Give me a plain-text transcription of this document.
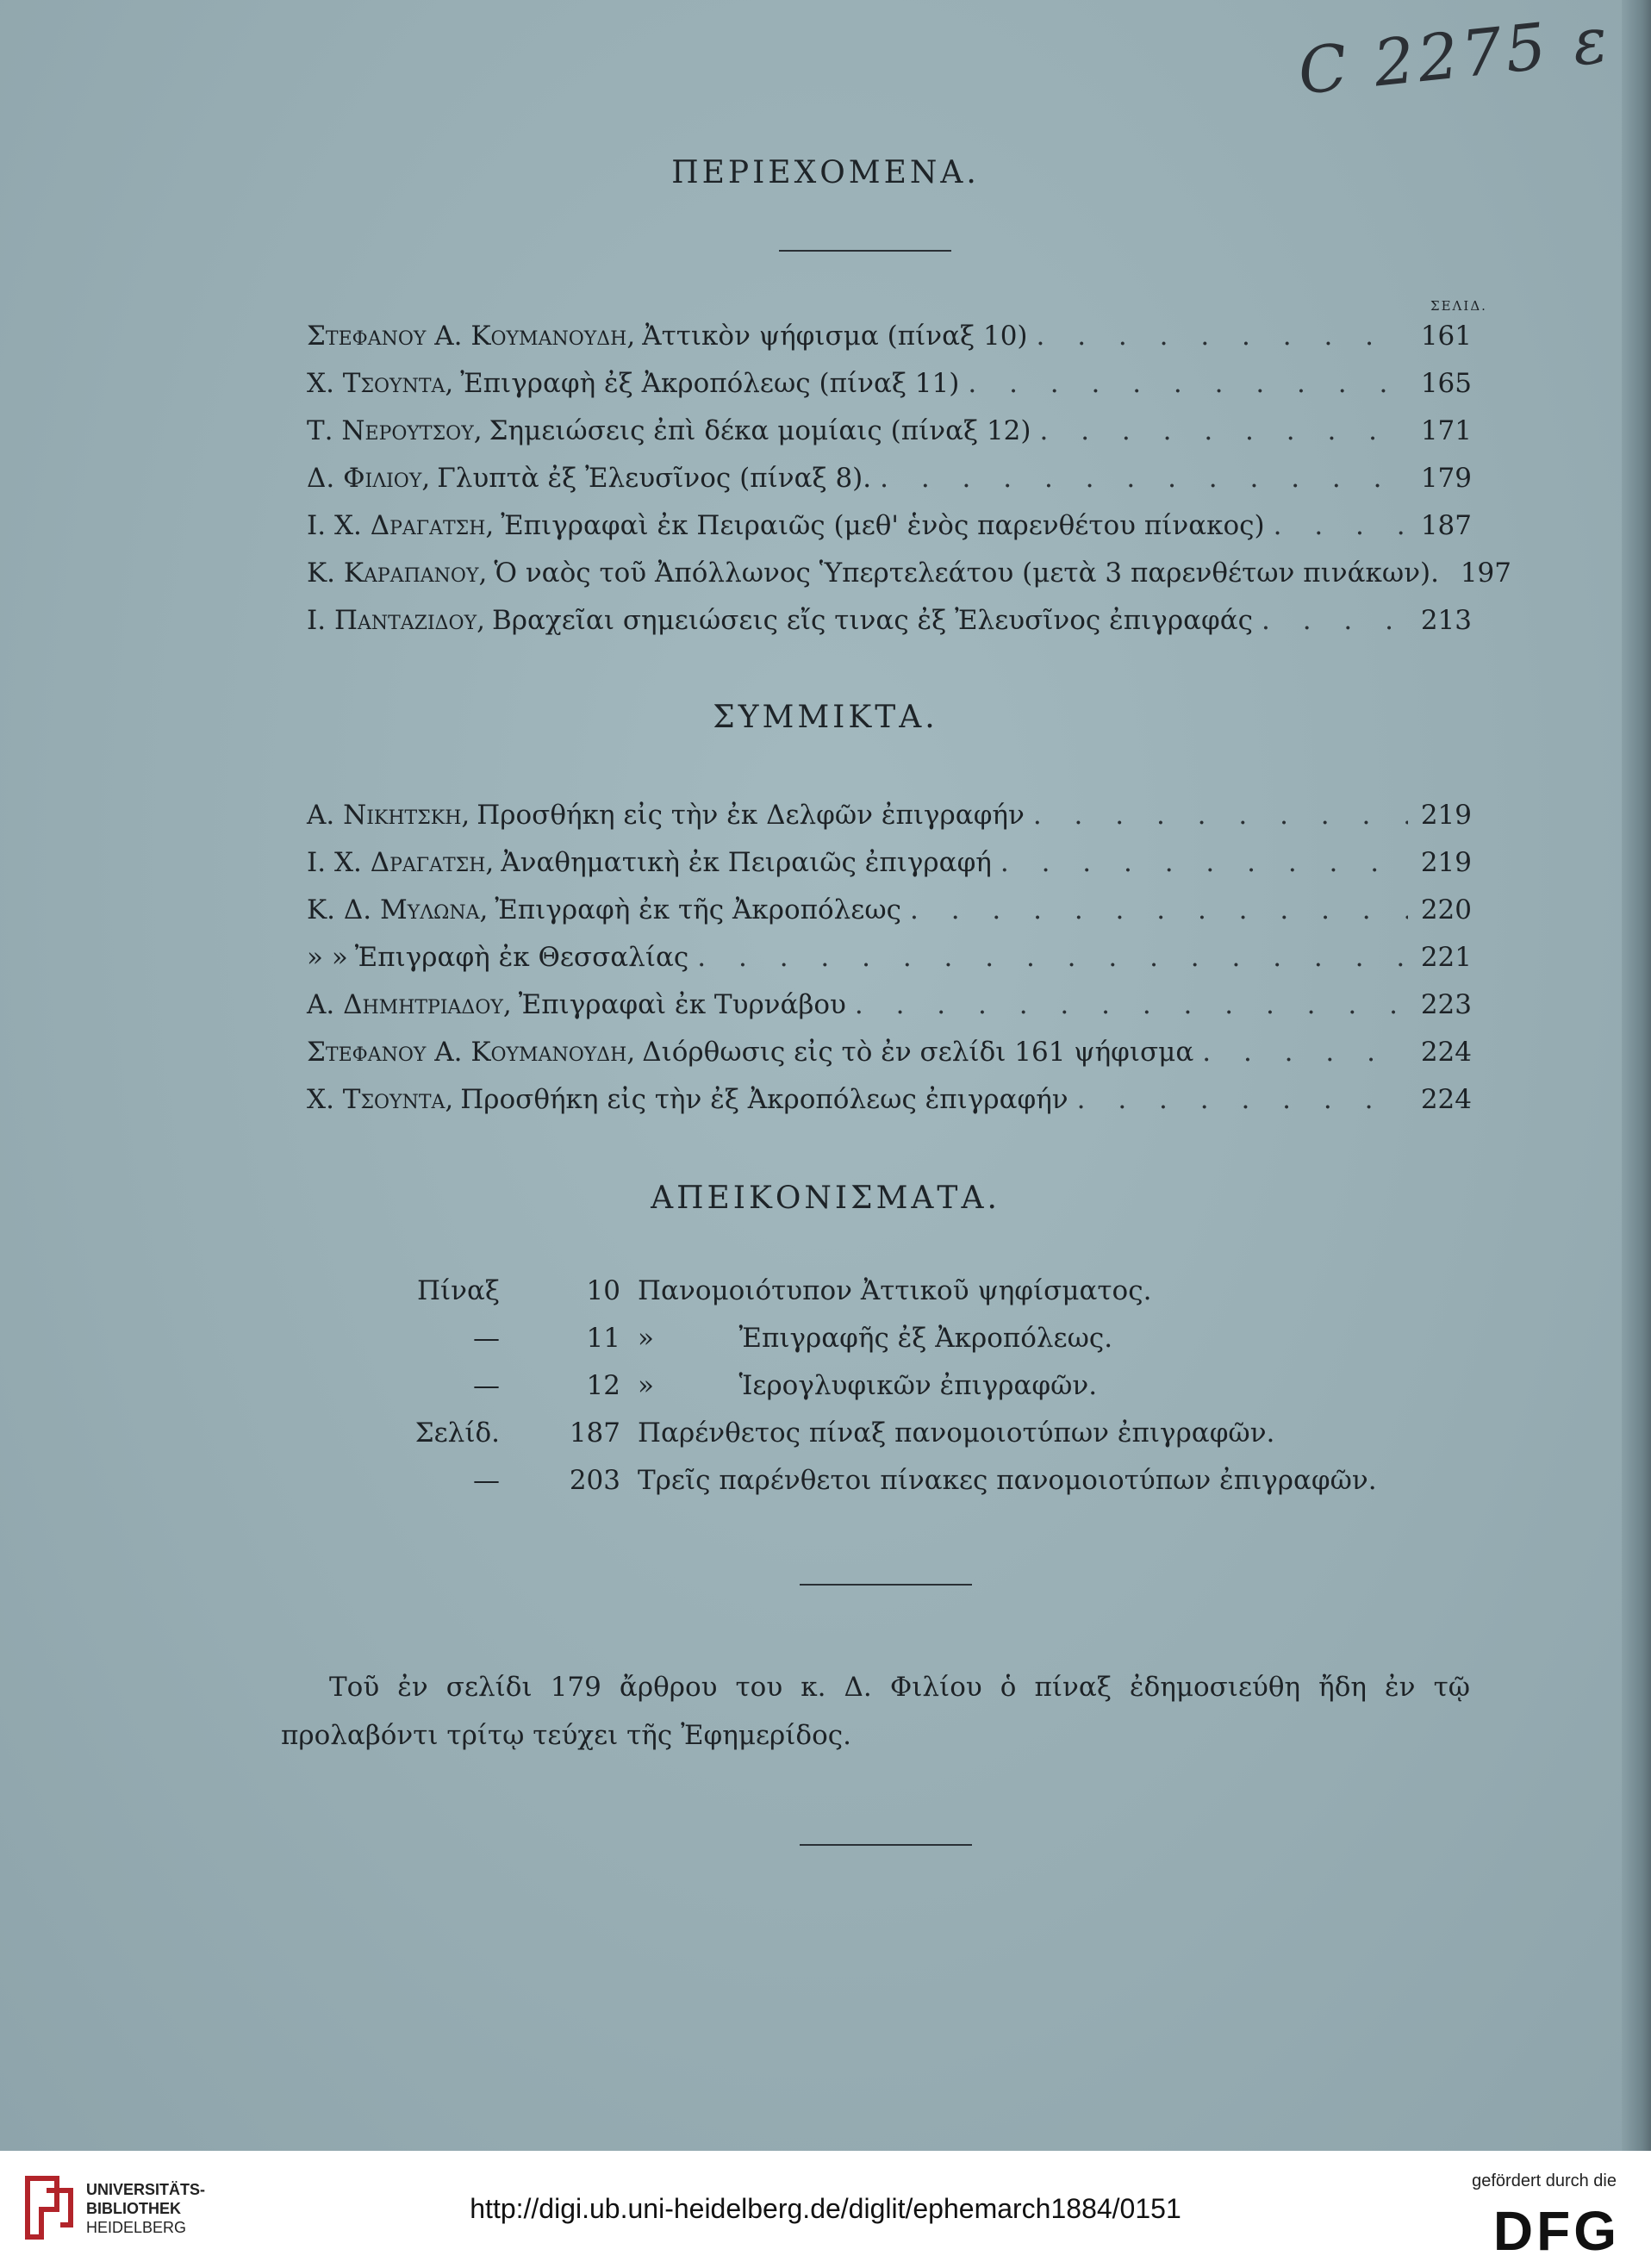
C 2275 ε
ΠΕΡΙΕΧΟΜΕΝΑ.
ΣΕΛΙΔ.
Στεφανου Α. Κουμανουδη, Ἀττικὸν ψήφισμα (πίναξ 10) . . .	161
Χ. Τσουντα, Ἐπιγραφὴ ἐξ Ἀκροπόλεως (πίναξ 11) . . .	165
Τ. Νερουτσου, Σημειώσεις ἐπὶ δέκα μομίαις (πίναξ 12) . . .	171
Δ. Φιλιου, Γλυπτὰ ἐξ Ἐλευσῖνος (πίναξ 8). . . .	179
Ι. Χ. Δραγατση, Ἐπιγραφαὶ ἐκ Πειραιῶς (μεθ' ἑνὸς παρενθέτου πίνακος) . . .	187
Κ. Καραπανου, Ὁ ναὸς τοῦ Ἀπόλλωνος Ὑπερτελεάτου (μετὰ 3 παρενθέτων πινάκων). 197
Ι. Πανταζιδου, Βραχεῖαι σημειώσεις εἴς τινας ἐξ Ἐλευσῖνος ἐπιγραφάς . . .	213
ΣΥΜΜΙΚΤΑ.
Α. Νικητσκη, Προσθήκη εἰς τὴν ἐκ Δελφῶν ἐπιγραφήν . . .	219
Ι. Χ. Δραγατση, Ἀναθηματικὴ ἐκ Πειραιῶς ἐπιγραφή . . .	219
Κ. Δ. Μυλωνα, Ἐπιγραφὴ ἐκ τῆς Ἀκροπόλεως . . .	220
» » Ἐπιγραφὴ ἐκ Θεσσαλίας . . .	221
Α. Δημητριαδου, Ἐπιγραφαὶ ἐκ Τυρνάβου . . .	223
Στεφανου Α. Κουμανουδη, Διόρθωσις εἰς τὸ ἐν σελίδι 161 ψήφισμα . . .	224
Χ. Τσουντα, Προσθήκη εἰς τὴν ἐξ Ἀκροπόλεως ἐπιγραφήν . . .	224
ΑΠΕΙΚΟΝΙΣΜΑΤΑ.
Πίναξ	10 Πανομοιότυπον Ἀττικοῦ ψηφίσματος.
—	11 »          Ἐπιγραφῆς ἐξ Ἀκροπόλεως.
—	12 »          Ἱερογλυφικῶν ἐπιγραφῶν.
Σελίδ.	187 Παρένθετος πίναξ πανομοιοτύπων ἐπιγραφῶν.
—	203 Τρεῖς παρένθετοι πίνακες πανομοιοτύπων ἐπιγραφῶν.
Τοῦ ἐν σελίδι 179 ἄρθρου του κ. Δ. Φιλίου ὁ πίναξ ἐδημοσιεύθη ἤδη ἐν τῷ προλαβόντι τρίτῳ τεύχει τῆς Ἐφημερίδος.
UNIVERSITÄTS-
BIBLIOTHEK
HEIDELBERG
http://digi.ub.uni-heidelberg.de/diglit/ephemarch1884/0151
gefördert durch die
DFG
